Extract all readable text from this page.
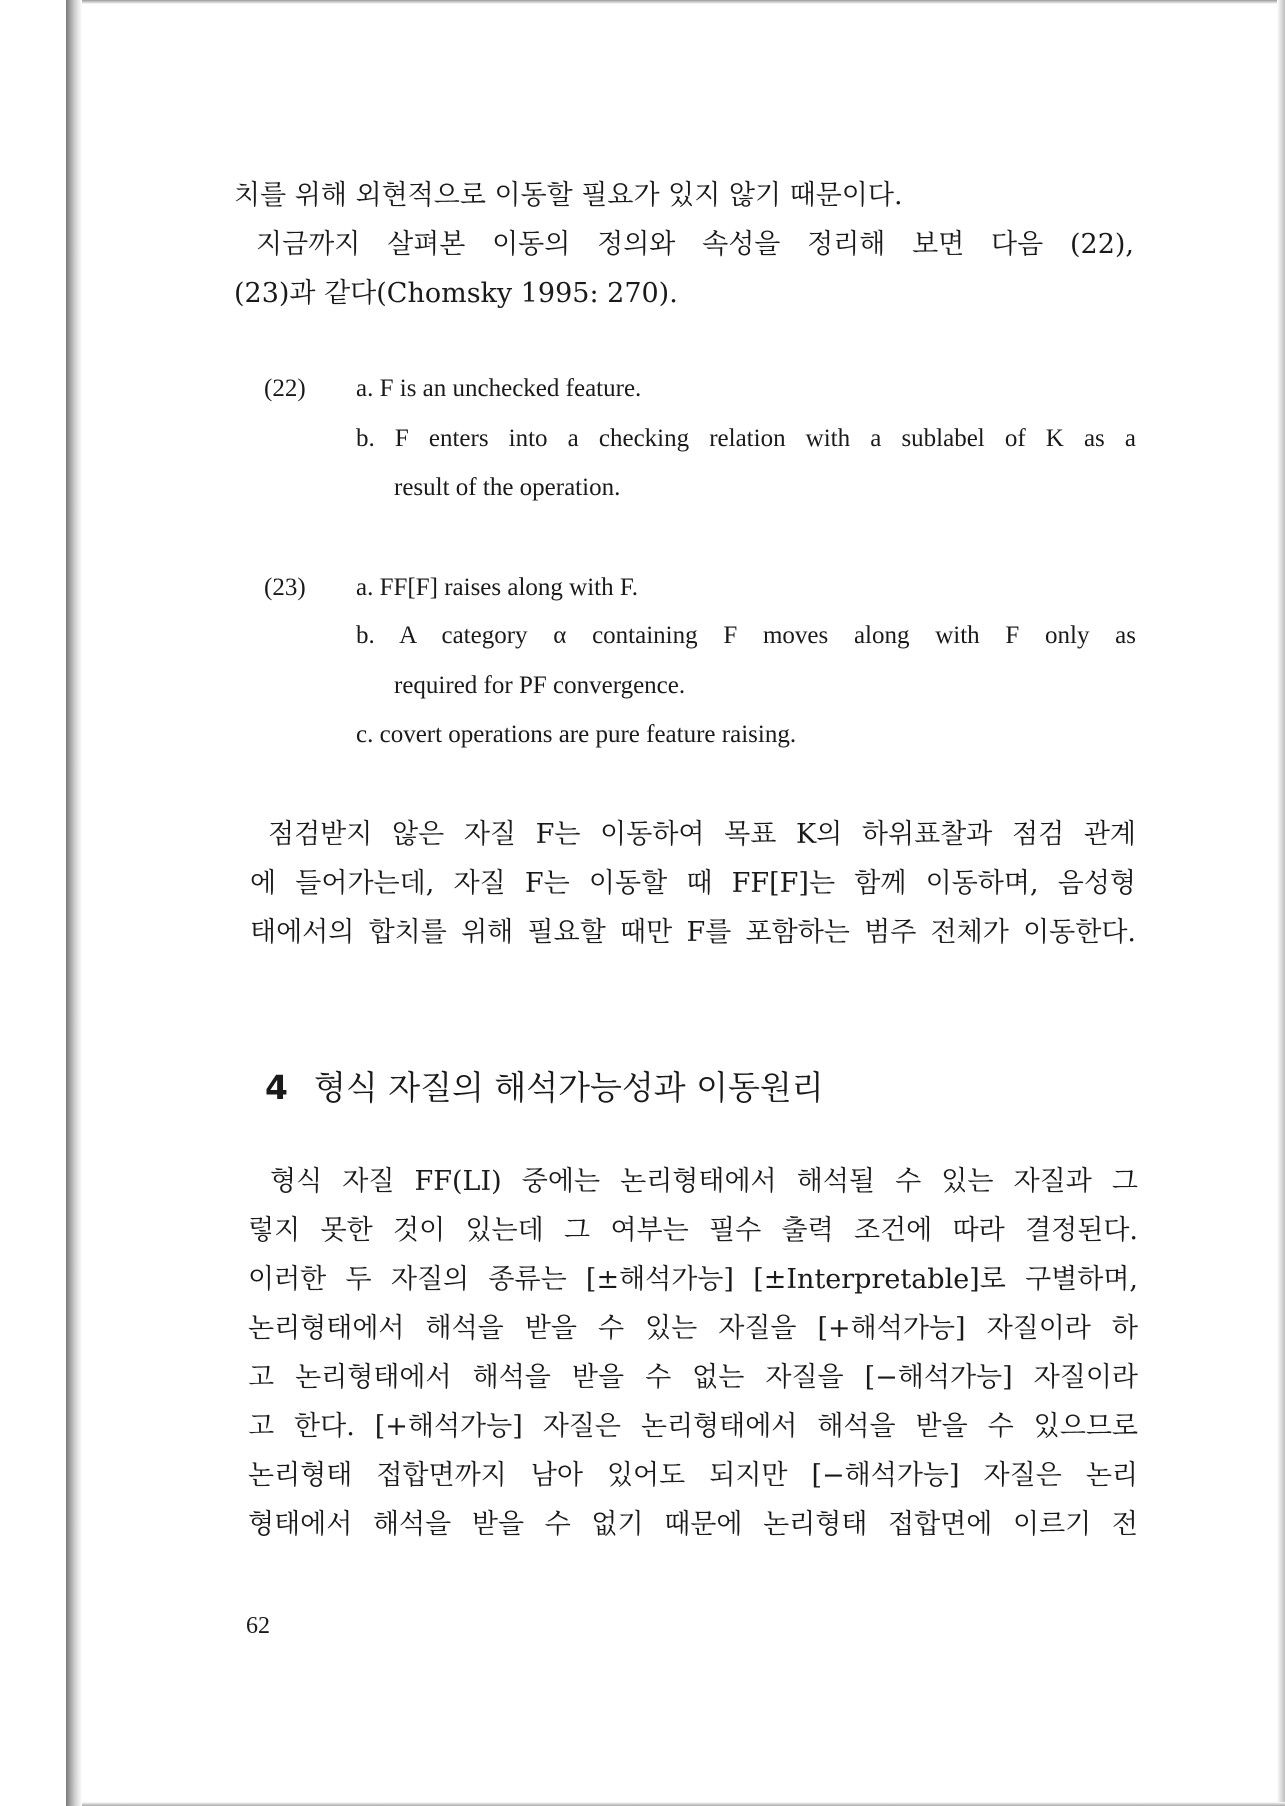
치를 위해 외현적으로 이동할 필요가 있지 않기 때문이다.
지금까지 살펴본 이동의 정의와 속성을 정리해 보면 다음 (22),
(23)과 같다(Chomsky 1995: 270).
(22) a. F is an unchecked feature.
b. F enters into a checking relation with a sublabel of K as a
result of the operation.
(23) a. FF[F] raises along with F.
b. A category α containing F moves along with F only as
required for PF convergence.
c. covert operations are pure feature raising.
점검받지 않은 자질 F는 이동하여 목표 K의 하위표찰과 점검 관계
에 들어가는데, 자질 F는 이동할 때 FF[F]는 함께 이동하며, 음성형
태에서의 합치를 위해 필요할 때만 F를 포함하는 범주 전체가 이동한다.
4 형식 자질의 해석가능성과 이동원리
형식 자질 FF(LI) 중에는 논리형태에서 해석될 수 있는 자질과 그
렇지 못한 것이 있는데 그 여부는 필수 출력 조건에 따라 결정된다.
이러한 두 자질의 종류는 [±해석가능] [±Interpretable]로 구별하며,
논리형태에서 해석을 받을 수 있는 자질을 [+해석가능] 자질이라 하
고 논리형태에서 해석을 받을 수 없는 자질을 [−해석가능] 자질이라
고 한다. [+해석가능] 자질은 논리형태에서 해석을 받을 수 있으므로
논리형태 접합면까지 남아 있어도 되지만 [−해석가능] 자질은 논리
형태에서 해석을 받을 수 없기 때문에 논리형태 접합면에 이르기 전
62
